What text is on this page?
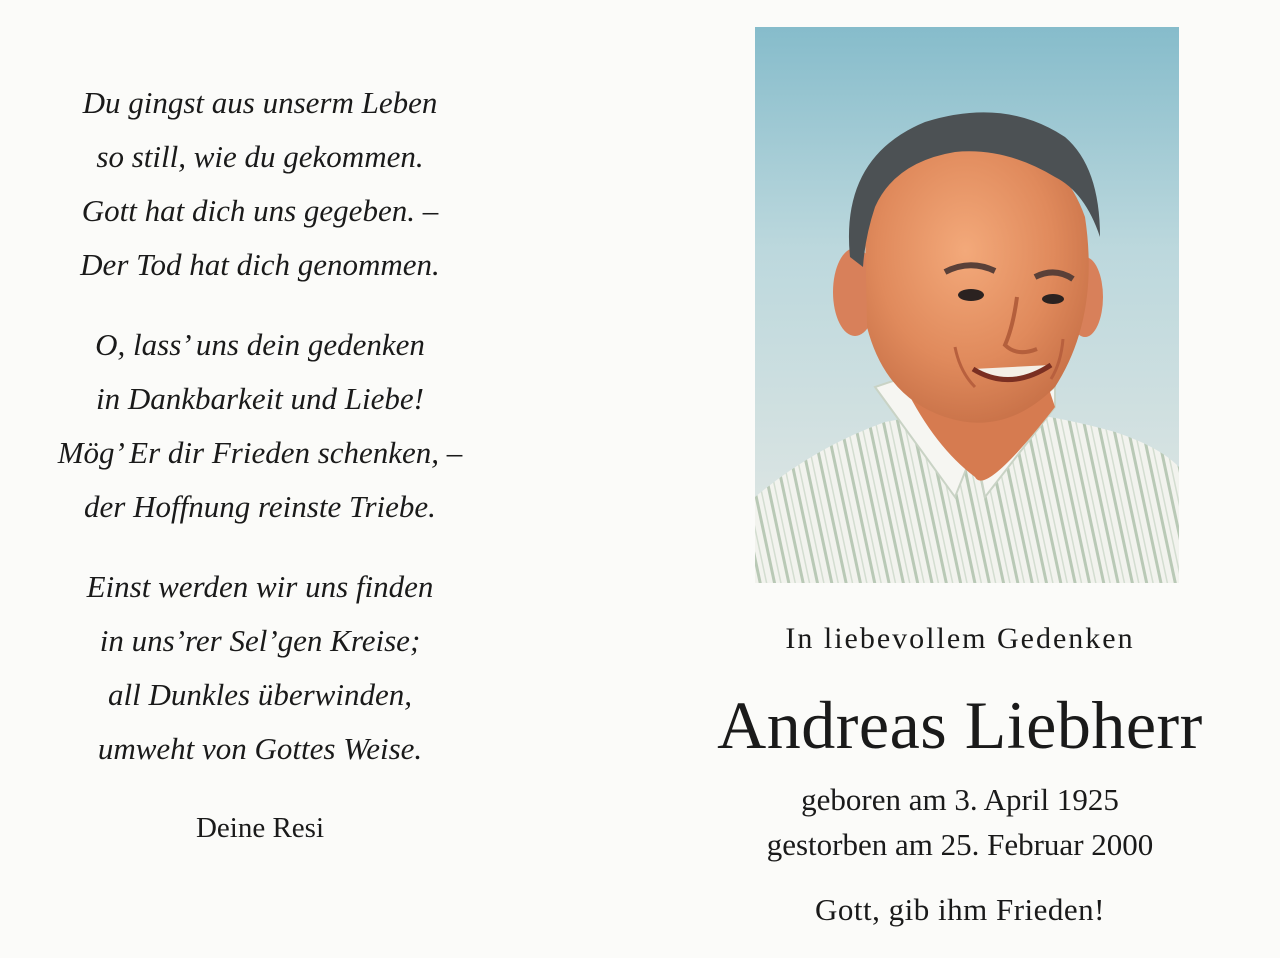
Du gingst aus unserm Leben
so still, wie du gekommen.
Gott hat dich uns gegeben. –
Der Tod hat dich genommen.
O, lass’ uns dein gedenken
in Dankbarkeit und Liebe!
Mög’ Er dir Frieden schenken, –
der Hoffnung reinste Triebe.
Einst werden wir uns finden
in uns’rer Sel’gen Kreise;
all Dunkles überwinden,
umweht von Gottes Weise.
Deine Resi
In liebevollem Gedenken
Andreas Liebherr
geboren am 3. April 1925
gestorben am 25. Februar 2000
Gott, gib ihm Frieden!
